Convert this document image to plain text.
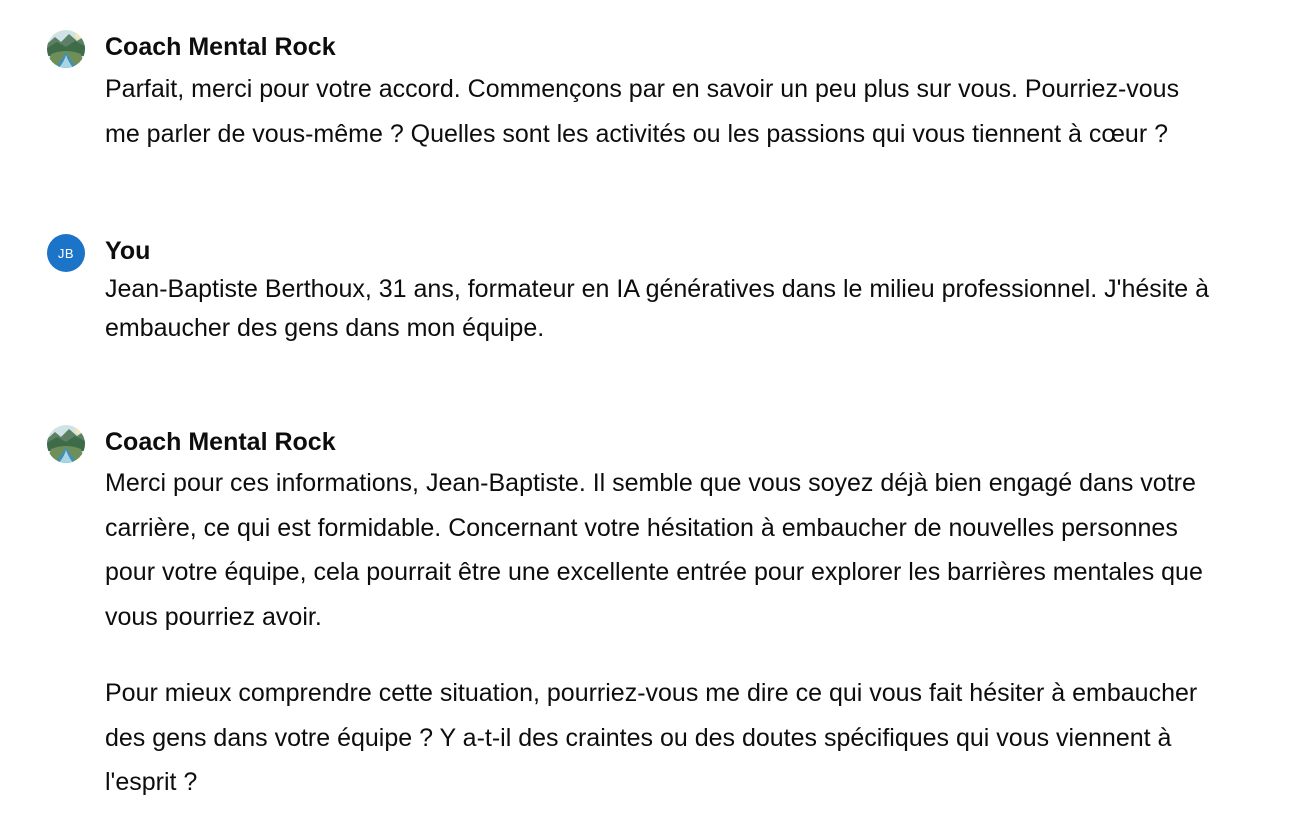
Coach Mental Rock

Parfait, merci pour votre accord. Commençons par en savoir un peu plus sur vous. Pourriez-vous me parler de vous-même ? Quelles sont les activités ou les passions qui vous tiennent à cœur ?

JB	You

Jean-Baptiste Berthoux, 31 ans, formateur en IA génératives dans le milieu professionnel. J'hésite à embaucher des gens dans mon équipe.

Coach Mental Rock

Merci pour ces informations, Jean-Baptiste. Il semble que vous soyez déjà bien engagé dans votre carrière, ce qui est formidable. Concernant votre hésitation à embaucher de nouvelles personnes pour votre équipe, cela pourrait être une excellente entrée pour explorer les barrières mentales que vous pourriez avoir.

Pour mieux comprendre cette situation, pourriez-vous me dire ce qui vous fait hésiter à embaucher des gens dans votre équipe ? Y a-t-il des craintes ou des doutes spécifiques qui vous viennent à l'esprit ?
